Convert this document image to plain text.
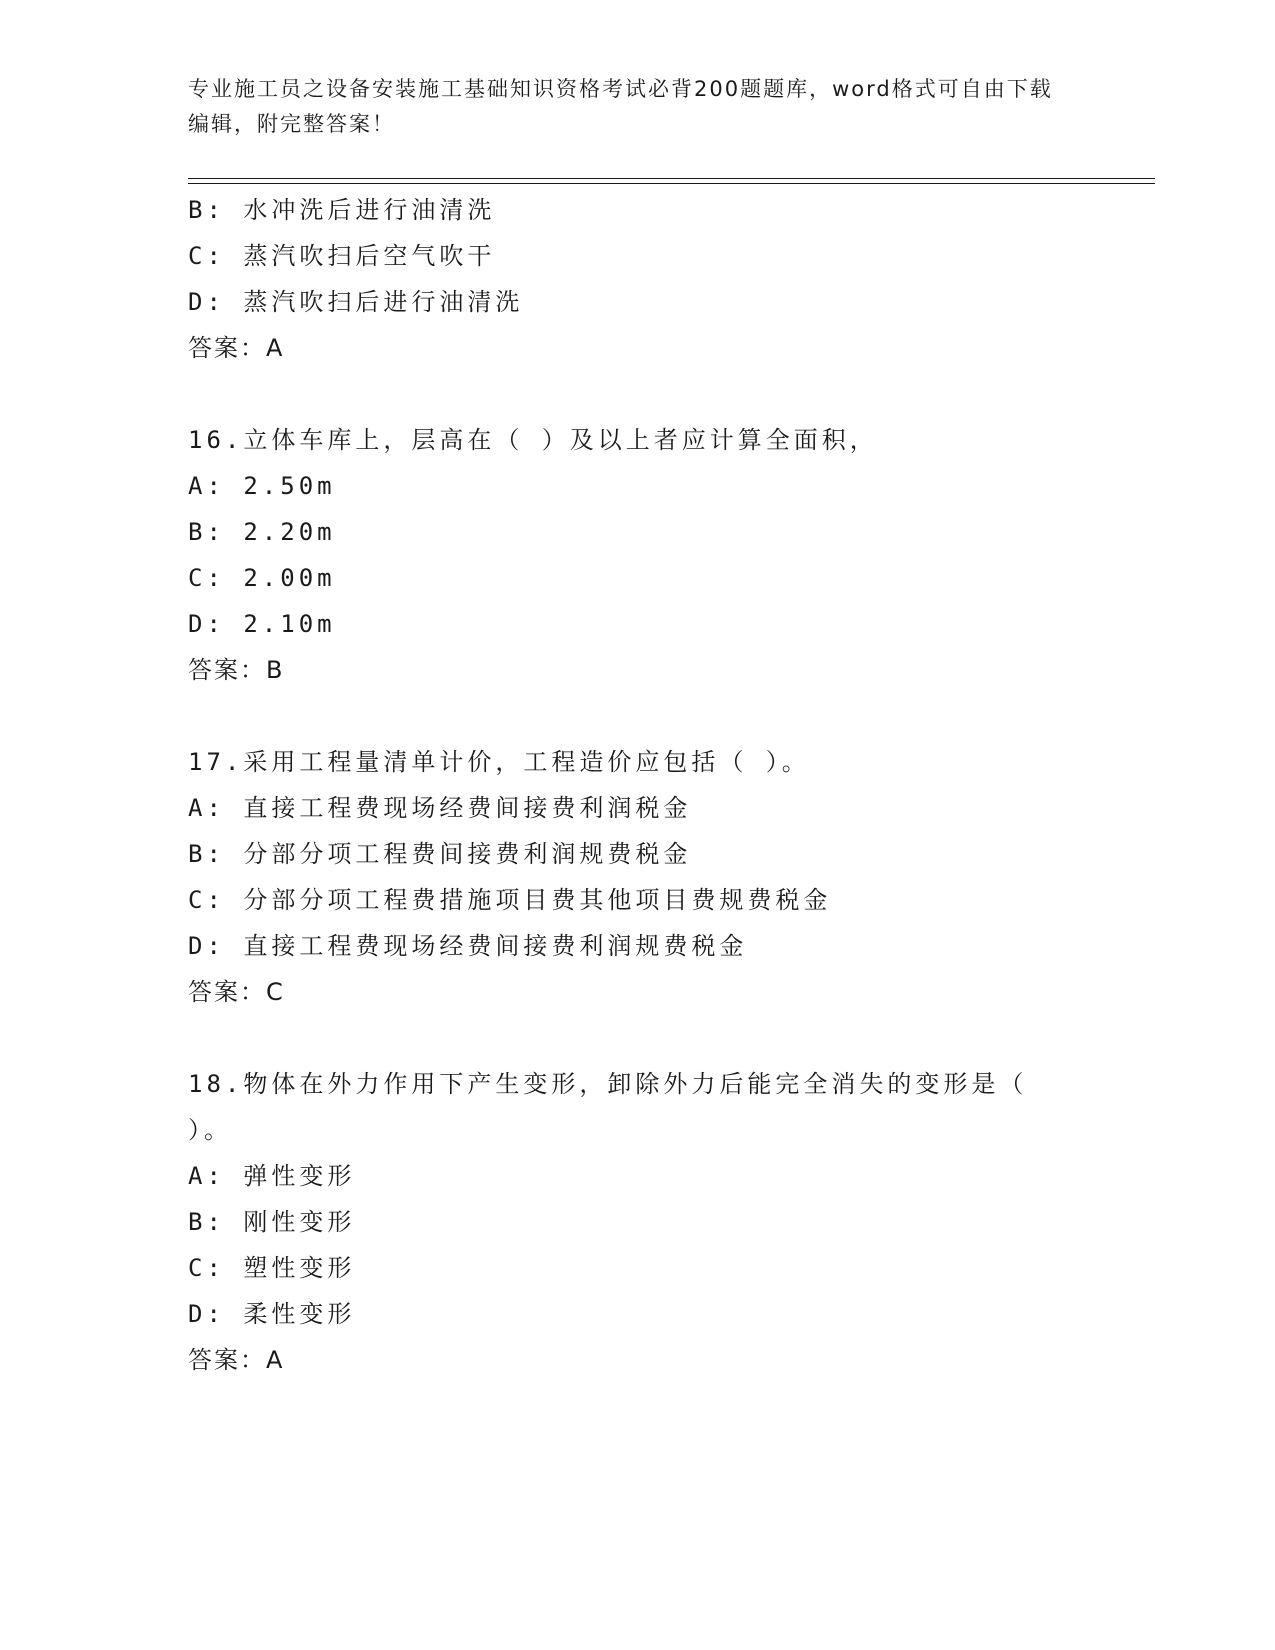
专业施工员之设备安装施工基础知识资格考试必背200题题库，word格式可自由下载编辑，附完整答案！
B: 水冲洗后进行油清洗
C: 蒸汽吹扫后空气吹干
D: 蒸汽吹扫后进行油清洗
答案：A
16.立体车库上，层高在（ ）及以上者应计算全面积，
A: 2.50m
B: 2.20m
C: 2.00m
D: 2.10m
答案：B
17.采用工程量清单计价，工程造价应包括（ ）。
A: 直接工程费现场经费间接费利润税金
B: 分部分项工程费间接费利润规费税金
C: 分部分项工程费措施项目费其他项目费规费税金
D: 直接工程费现场经费间接费利润规费税金
答案：C
18.物体在外力作用下产生变形，卸除外力后能完全消失的变形是（ ）。
A: 弹性变形
B: 刚性变形
C: 塑性变形
D: 柔性变形
答案：A
